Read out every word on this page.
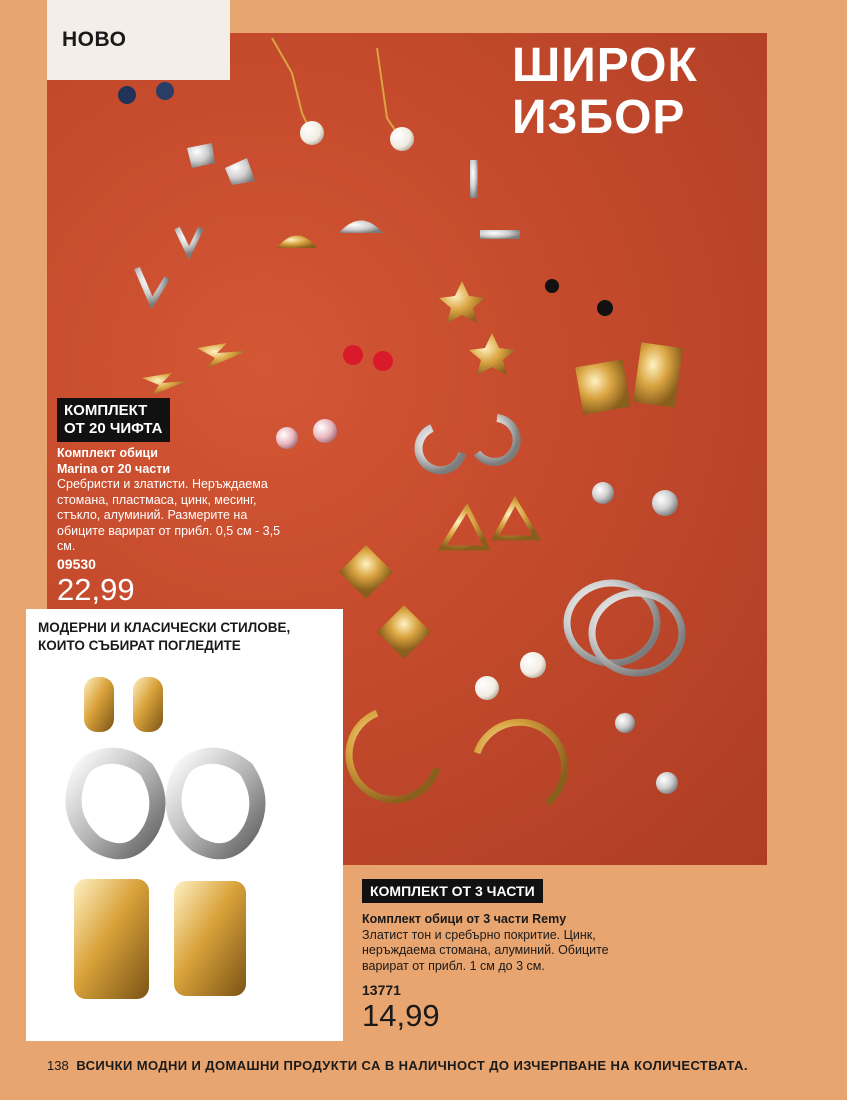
НОВО	ШИРОК
ИЗБОР
КОМПЛЕКТ
ОТ 20 ЧИФТА
Комплект обици
Marina от 20 части
Сребристи и златисти. Неръждаема стомана, пластмаса, цинк, месинг, стъкло, алуминий. Размерите на обиците варират от прибл. 0,5 см - 3,5 см.
09530
22,99
МОДЕРНИ И КЛАСИЧЕСКИ СТИЛОВЕ,
КОИТО СЪБИРАТ ПОГЛЕДИТЕ
КОМПЛЕКТ ОТ 3 ЧАСТИ
Комплект обици от 3 части Remy
Златист тон и сребърно покритие. Цинк, неръждаема стомана, алуминий. Обиците варират от прибл. 1 см до 3 см.
13771
14,99
138 ВСИЧКИ МОДНИ И ДОМАШНИ ПРОДУКТИ СА В НАЛИЧНОСТ ДО ИЗЧЕРПВАНЕ НА КОЛИЧЕСТВАТА.
